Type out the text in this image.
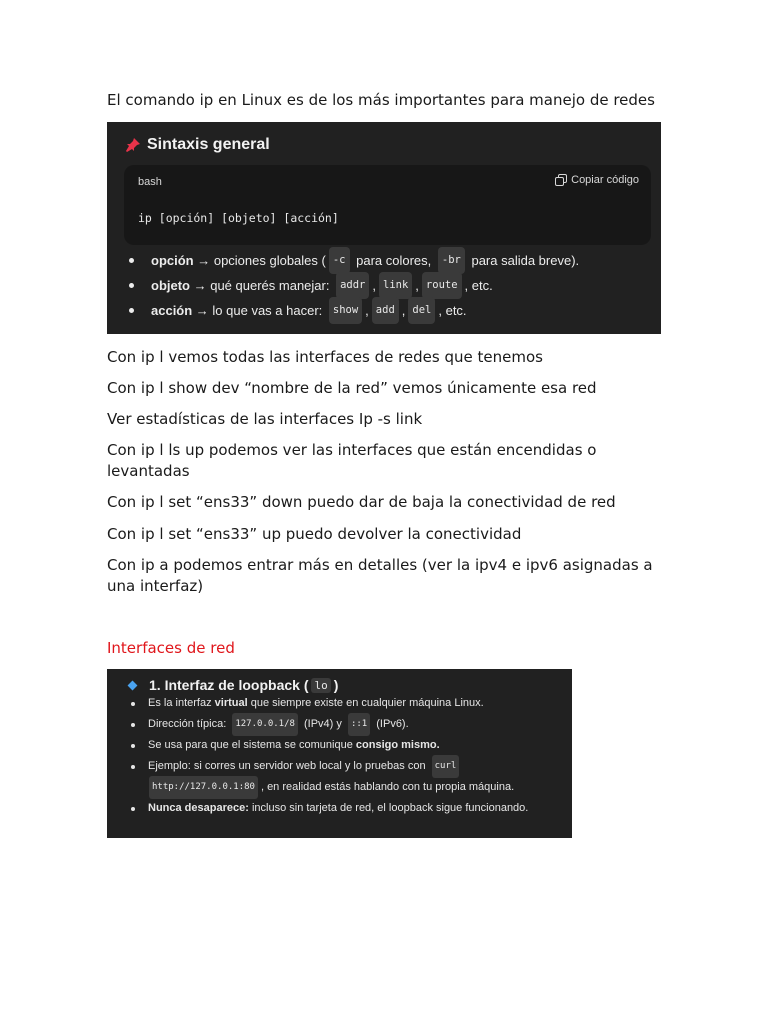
El comando ip en Linux es de los más importantes para manejo de redes

Sintaxis general
bash	Copiar código
ip [opción] [objeto] [acción]
opción → opciones globales ( -c para colores, -br para salida breve).
objeto → qué querés manejar: addr , link , route , etc.
acción → lo que vas a hacer: show , add , del , etc.

Con ip l vemos todas las interfaces de redes que tenemos

Con ip l show dev “nombre de la red” vemos únicamente esa red

Ver estadísticas de las interfaces Ip -s link

Con ip l ls up podemos ver las interfaces que están encendidas o levantadas

Con ip l set “ens33” down puedo dar de baja la conectividad de red

Con ip l set “ens33” up puedo devolver la conectividad

Con ip a podemos entrar más en detalles (ver la ipv4 e ipv6 asignadas a una interfaz)

Interfaces de red

1. Interfaz de loopback ( lo )
Es la interfaz virtual que siempre existe en cualquier máquina Linux.
Dirección típica: 127.0.0.1/8 (IPv4) y ::1 (IPv6).
Se usa para que el sistema se comunique consigo mismo.
Ejemplo: si corres un servidor web local y lo pruebas con curl
http://127.0.0.1:80 , en realidad estás hablando con tu propia máquina.
Nunca desaparece: incluso sin tarjeta de red, el loopback sigue funcionando.
